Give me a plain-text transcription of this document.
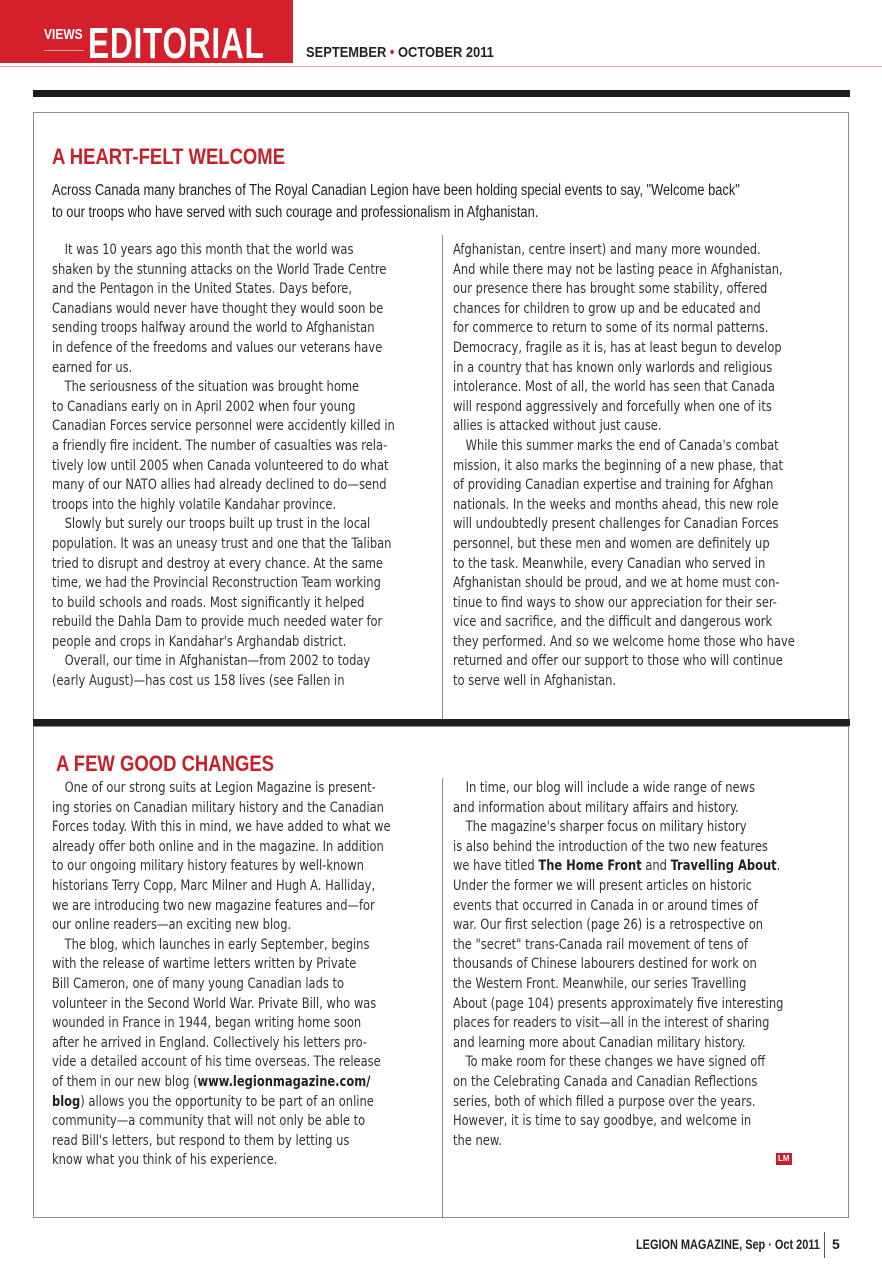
VIEWS EDITORIAL	SEPTEMBER • OCTOBER 2011
A HEART-FELT WELCOME
Across Canada many branches of The Royal Canadian Legion have been holding special events to say, "Welcome back"
to our troops who have served with such courage and professionalism in Afghanistan.
It was 10 years ago this month that the world was
shaken by the stunning attacks on the World Trade Centre
and the Pentagon in the United States. Days before,
Canadians would never have thought they would soon be
sending troops halfway around the world to Afghanistan
in defence of the freedoms and values our veterans have
earned for us.
The seriousness of the situation was brought home
to Canadians early on in April 2002 when four young
Canadian Forces service personnel were accidently killed in
a friendly fire incident. The number of casualties was rela-
tively low until 2005 when Canada volunteered to do what
many of our NATO allies had already declined to do—send
troops into the highly volatile Kandahar province.
Slowly but surely our troops built up trust in the local
population. It was an uneasy trust and one that the Taliban
tried to disrupt and destroy at every chance. At the same
time, we had the Provincial Reconstruction Team working
to build schools and roads. Most significantly it helped
rebuild the Dahla Dam to provide much needed water for
people and crops in Kandahar's Arghandab district.
Overall, our time in Afghanistan—from 2002 to today
(early August)—has cost us 158 lives (see Fallen in
Afghanistan, centre insert) and many more wounded.
And while there may not be lasting peace in Afghanistan,
our presence there has brought some stability, offered
chances for children to grow up and be educated and
for commerce to return to some of its normal patterns.
Democracy, fragile as it is, has at least begun to develop
in a country that has known only warlords and religious
intolerance. Most of all, the world has seen that Canada
will respond aggressively and forcefully when one of its
allies is attacked without just cause.
While this summer marks the end of Canada's combat
mission, it also marks the beginning of a new phase, that
of providing Canadian expertise and training for Afghan
nationals. In the weeks and months ahead, this new role
will undoubtedly present challenges for Canadian Forces
personnel, but these men and women are definitely up
to the task. Meanwhile, every Canadian who served in
Afghanistan should be proud, and we at home must con-
tinue to find ways to show our appreciation for their ser-
vice and sacrifice, and the difficult and dangerous work
they performed. And so we welcome home those who have
returned and offer our support to those who will continue
to serve well in Afghanistan.
A FEW GOOD CHANGES
One of our strong suits at Legion Magazine is present-
ing stories on Canadian military history and the Canadian
Forces today. With this in mind, we have added to what we
already offer both online and in the magazine. In addition
to our ongoing military history features by well-known
historians Terry Copp, Marc Milner and Hugh A. Halliday,
we are introducing two new magazine features and—for
our online readers—an exciting new blog.
The blog, which launches in early September, begins
with the release of wartime letters written by Private
Bill Cameron, one of many young Canadian lads to
volunteer in the Second World War. Private Bill, who was
wounded in France in 1944, began writing home soon
after he arrived in England. Collectively his letters pro-
vide a detailed account of his time overseas. The release
of them in our new blog (www.legionmagazine.com/
blog) allows you the opportunity to be part of an online
community—a community that will not only be able to
read Bill's letters, but respond to them by letting us
know what you think of his experience.
In time, our blog will include a wide range of news
and information about military affairs and history.
The magazine's sharper focus on military history
is also behind the introduction of the two new features
we have titled The Home Front and Travelling About.
Under the former we will present articles on historic
events that occurred in Canada in or around times of
war. Our first selection (page 26) is a retrospective on
the "secret" trans-Canada rail movement of tens of
thousands of Chinese labourers destined for work on
the Western Front. Meanwhile, our series Travelling
About (page 104) presents approximately five interesting
places for readers to visit—all in the interest of sharing
and learning more about Canadian military history.
To make room for these changes we have signed off
on the Celebrating Canada and Canadian Reflections
series, both of which filled a purpose over the years.
However, it is time to say goodbye, and welcome in
the new.
LM
LEGION MAGAZINE, Sep · Oct 2011 5
